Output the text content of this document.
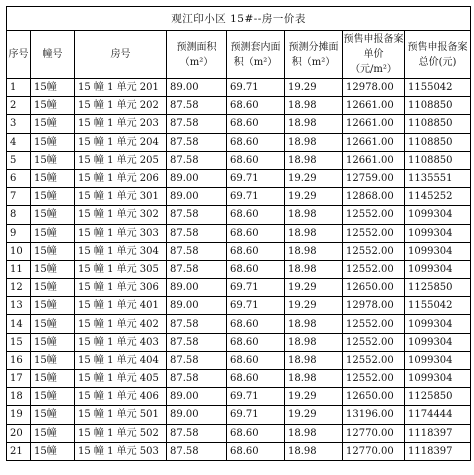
观江印小区 15#--房一价表							
序号	幢号	房号	预测面积（m²）	预测套内面积（m²）	预测分摊面积（m²）	预售申报备案单价（元/m²）	预售申报备案总价(元)
1	15幢	15 幢 1 单元 201	89.00	69.71	19.29	12978.00	1155042
2	15幢	15 幢 1 单元 202	87.58	68.60	18.98	12661.00	1108850
3	15幢	15 幢 1 单元 203	87.58	68.60	18.98	12661.00	1108850
4	15幢	15 幢 1 单元 204	87.58	68.60	18.98	12661.00	1108850
5	15幢	15 幢 1 单元 205	87.58	68.60	18.98	12661.00	1108850
6	15幢	15 幢 1 单元 206	89.00	69.71	19.29	12759.00	1135551
7	15幢	15 幢 1 单元 301	89.00	69.71	19.29	12868.00	1145252
8	15幢	15 幢 1 单元 302	87.58	68.60	18.98	12552.00	1099304
9	15幢	15 幢 1 单元 303	87.58	68.60	18.98	12552.00	1099304
10	15幢	15 幢 1 单元 304	87.58	68.60	18.98	12552.00	1099304
11	15幢	15 幢 1 单元 305	87.58	68.60	18.98	12552.00	1099304
12	15幢	15 幢 1 单元 306	89.00	69.71	19.29	12650.00	1125850
13	15幢	15 幢 1 单元 401	89.00	69.71	19.29	12978.00	1155042
14	15幢	15 幢 1 单元 402	87.58	68.60	18.98	12552.00	1099304
15	15幢	15 幢 1 单元 403	87.58	68.60	18.98	12552.00	1099304
16	15幢	15 幢 1 单元 404	87.58	68.60	18.98	12552.00	1099304
17	15幢	15 幢 1 单元 405	87.58	68.60	18.98	12552.00	1099304
18	15幢	15 幢 1 单元 406	89.00	69.71	19.29	12650.00	1125850
19	15幢	15 幢 1 单元 501	89.00	69.71	19.29	13196.00	1174444
20	15幢	15 幢 1 单元 502	87.58	68.60	18.98	12770.00	1118397
21	15幢	15 幢 1 单元 503	87.58	68.60	18.98	12770.00	1118397
